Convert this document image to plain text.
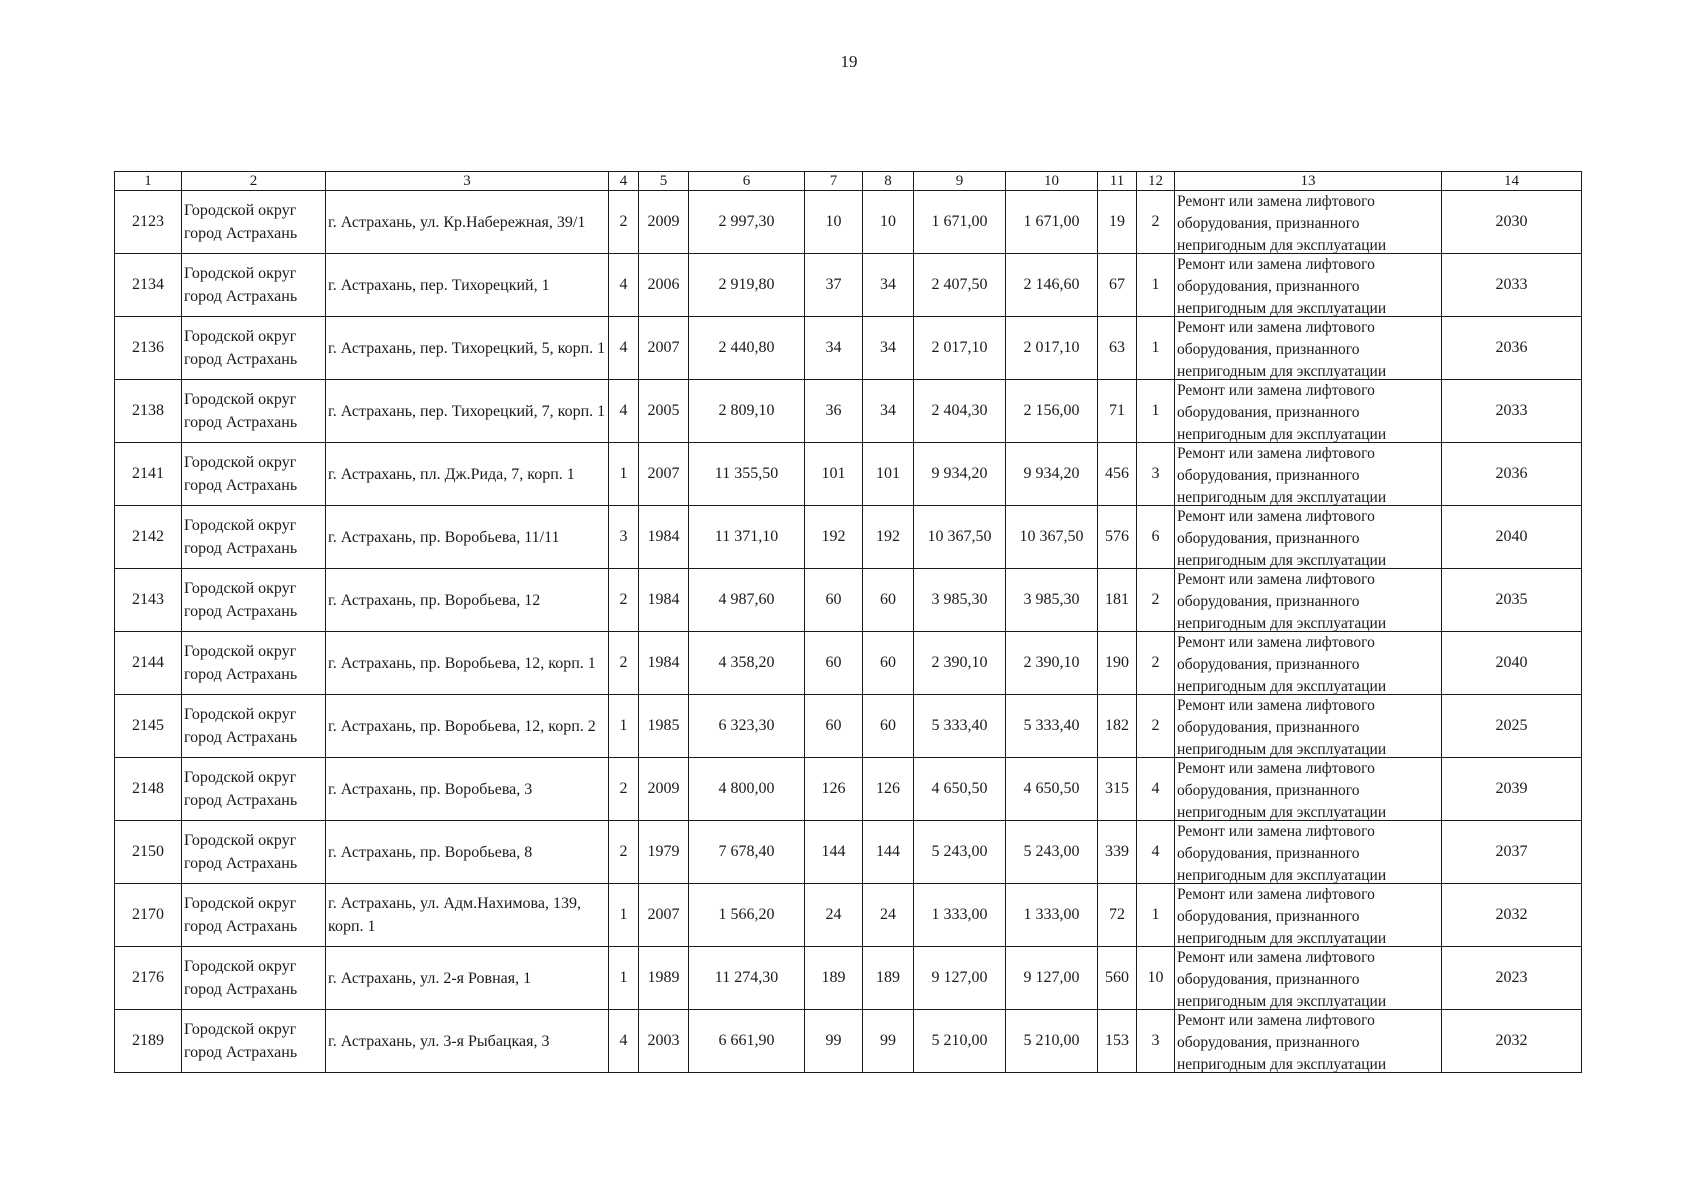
19
1	2	3	4	5	6	7	8	9	10	11	12	13	14
2123	Городской округ город Астрахань	г. Астрахань, ул. Кр.Набережная, 39/1	2	2009	2 997,30	10	10	1 671,00	1 671,00	19	2	Ремонт или замена лифтового оборудования, признанного непригодным для эксплуатации	2030
2134	Городской округ город Астрахань	г. Астрахань, пер. Тихорецкий, 1	4	2006	2 919,80	37	34	2 407,50	2 146,60	67	1	Ремонт или замена лифтового оборудования, признанного непригодным для эксплуатации	2033
2136	Городской округ город Астрахань	г. Астрахань, пер. Тихорецкий, 5, корп. 1	4	2007	2 440,80	34	34	2 017,10	2 017,10	63	1	Ремонт или замена лифтового оборудования, признанного непригодным для эксплуатации	2036
2138	Городской округ город Астрахань	г. Астрахань, пер. Тихорецкий, 7, корп. 1	4	2005	2 809,10	36	34	2 404,30	2 156,00	71	1	Ремонт или замена лифтового оборудования, признанного непригодным для эксплуатации	2033
2141	Городской округ город Астрахань	г. Астрахань, пл. Дж.Рида, 7, корп. 1	1	2007	11 355,50	101	101	9 934,20	9 934,20	456	3	Ремонт или замена лифтового оборудования, признанного непригодным для эксплуатации	2036
2142	Городской округ город Астрахань	г. Астрахань, пр. Воробьева, 11/11	3	1984	11 371,10	192	192	10 367,50	10 367,50	576	6	Ремонт или замена лифтового оборудования, признанного непригодным для эксплуатации	2040
2143	Городской округ город Астрахань	г. Астрахань, пр. Воробьева, 12	2	1984	4 987,60	60	60	3 985,30	3 985,30	181	2	Ремонт или замена лифтового оборудования, признанного непригодным для эксплуатации	2035
2144	Городской округ город Астрахань	г. Астрахань, пр. Воробьева, 12, корп. 1	2	1984	4 358,20	60	60	2 390,10	2 390,10	190	2	Ремонт или замена лифтового оборудования, признанного непригодным для эксплуатации	2040
2145	Городской округ город Астрахань	г. Астрахань, пр. Воробьева, 12, корп. 2	1	1985	6 323,30	60	60	5 333,40	5 333,40	182	2	Ремонт или замена лифтового оборудования, признанного непригодным для эксплуатации	2025
2148	Городской округ город Астрахань	г. Астрахань, пр. Воробьева, 3	2	2009	4 800,00	126	126	4 650,50	4 650,50	315	4	Ремонт или замена лифтового оборудования, признанного непригодным для эксплуатации	2039
2150	Городской округ город Астрахань	г. Астрахань, пр. Воробьева, 8	2	1979	7 678,40	144	144	5 243,00	5 243,00	339	4	Ремонт или замена лифтового оборудования, признанного непригодным для эксплуатации	2037
2170	Городской округ город Астрахань	г. Астрахань, ул. Адм.Нахимова, 139, корп. 1	1	2007	1 566,20	24	24	1 333,00	1 333,00	72	1	Ремонт или замена лифтового оборудования, признанного непригодным для эксплуатации	2032
2176	Городской округ город Астрахань	г. Астрахань, ул. 2-я Ровная, 1	1	1989	11 274,30	189	189	9 127,00	9 127,00	560	10	Ремонт или замена лифтового оборудования, признанного непригодным для эксплуатации	2023
2189	Городской округ город Астрахань	г. Астрахань, ул. 3-я Рыбацкая, 3	4	2003	6 661,90	99	99	5 210,00	5 210,00	153	3	Ремонт или замена лифтового оборудования, признанного непригодным для эксплуатации	2032
